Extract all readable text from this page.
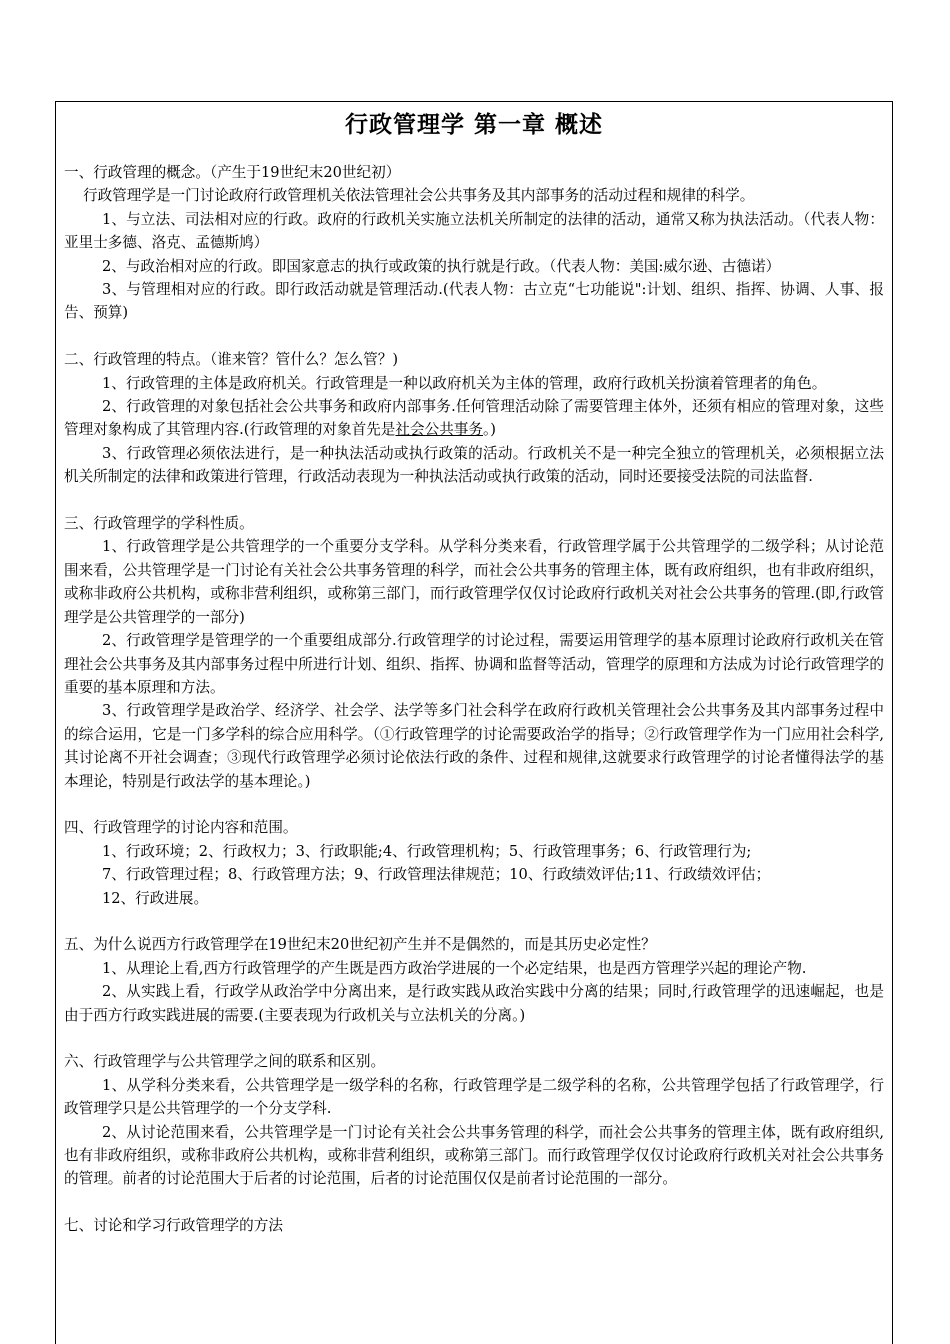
行政管理学 第一章 概述

一、行政管理的概念。（产生于19世纪末20世纪初）

行政管理学是一门讨论政府行政管理机关依法管理社会公共事务及其内部事务的活动过程和规律的科学。

1、与立法、司法相对应的行政。政府的行政机关实施立法机关所制定的法律的活动，通常又称为执法活动。（代表人物：亚里士多德、洛克、孟德斯鸠）

2、与政治相对应的行政。即国家意志的执行或政策的执行就是行政。（代表人物：美国:威尔逊、古德诺）

3、与管理相对应的行政。即行政活动就是管理活动.(代表人物：古立克“七功能说":计划、组织、指挥、协调、人事、报告、预算)

二、行政管理的特点。（谁来管？管什么？怎么管？)

1、行政管理的主体是政府机关。行政管理是一种以政府机关为主体的管理，政府行政机关扮演着管理者的角色。

2、行政管理的对象包括社会公共事务和政府内部事务.任何管理活动除了需要管理主体外，还须有相应的管理对象，这些管理对象构成了其管理内容.(行政管理的对象首先是社会公共事务。)

3、行政管理必须依法进行，是一种执法活动或执行政策的活动。行政机关不是一种完全独立的管理机关，必须根据立法机关所制定的法律和政策进行管理，行政活动表现为一种执法活动或执行政策的活动，同时还要接受法院的司法监督.

三、行政管理学的学科性质。

1、行政管理学是公共管理学的一个重要分支学科。从学科分类来看，行政管理学属于公共管理学的二级学科；从讨论范围来看，公共管理学是一门讨论有关社会公共事务管理的科学，而社会公共事务的管理主体，既有政府组织，也有非政府组织，或称非政府公共机构，或称非营利组织，或称第三部门，而行政管理学仅仅讨论政府行政机关对社会公共事务的管理.(即,行政管理学是公共管理学的一部分)

2、行政管理学是管理学的一个重要组成部分.行政管理学的讨论过程，需要运用管理学的基本原理讨论政府行政机关在管理社会公共事务及其内部事务过程中所进行计划、组织、指挥、协调和监督等活动，管理学的原理和方法成为讨论行政管理学的重要的基本原理和方法。

3、行政管理学是政治学、经济学、社会学、法学等多门社会科学在政府行政机关管理社会公共事务及其内部事务过程中的综合运用，它是一门多学科的综合应用科学。（①行政管理学的讨论需要政治学的指导；②行政管理学作为一门应用社会科学,其讨论离不开社会调查；③现代行政管理学必须讨论依法行政的条件、过程和规律,这就要求行政管理学的讨论者懂得法学的基本理论，特别是行政法学的基本理论。)

四、行政管理学的讨论内容和范围。

1、行政环境；2、行政权力；3、行政职能;4、行政管理机构；5、行政管理事务；6、行政管理行为;

7、行政管理过程；8、行政管理方法；9、行政管理法律规范；10、行政绩效评估;11、行政绩效评估；

12、行政进展。

五、为什么说西方行政管理学在19世纪末20世纪初产生并不是偶然的，而是其历史必定性？

1、从理论上看,西方行政管理学的产生既是西方政治学进展的一个必定结果，也是西方管理学兴起的理论产物.

2、从实践上看，行政学从政治学中分离出来，是行政实践从政治实践中分离的结果；同时,行政管理学的迅速崛起，也是由于西方行政实践进展的需要.(主要表现为行政机关与立法机关的分离。)

六、行政管理学与公共管理学之间的联系和区别。

1、从学科分类来看，公共管理学是一级学科的名称，行政管理学是二级学科的名称，公共管理学包括了行政管理学，行政管理学只是公共管理学的一个分支学科.

2、从讨论范围来看，公共管理学是一门讨论有关社会公共事务管理的科学，而社会公共事务的管理主体，既有政府组织,也有非政府组织，或称非政府公共机构，或称非营利组织，或称第三部门。而行政管理学仅仅讨论政府行政机关对社会公共事务的管理。前者的讨论范围大于后者的讨论范围，后者的讨论范围仅仅是前者讨论范围的一部分。

七、讨论和学习行政管理学的方法
